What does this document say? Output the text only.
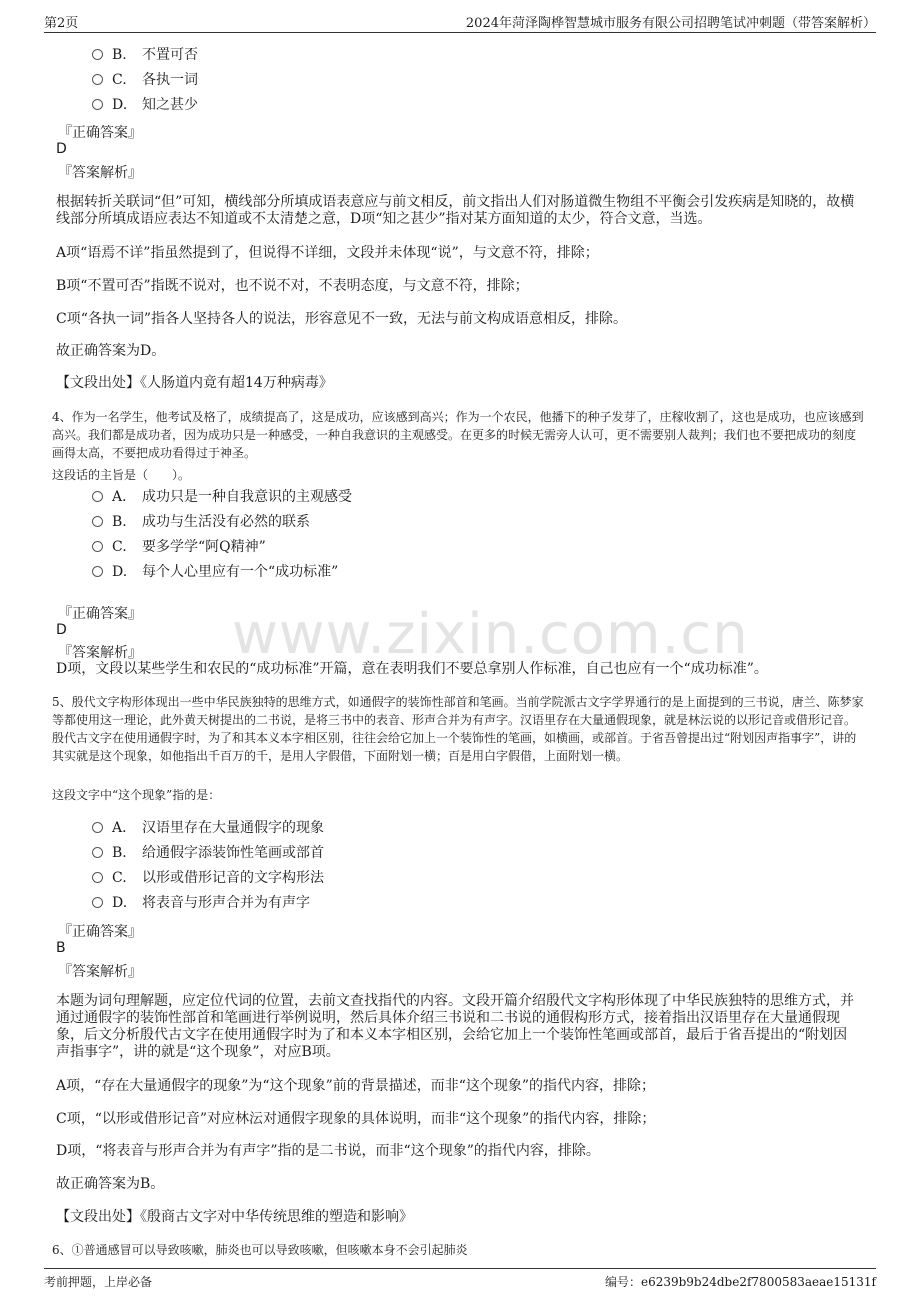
第2页	2024年菏泽陶桦智慧城市服务有限公司招聘笔试冲刺题（带答案解析）
www.zixin.com.cn
B. 不置可否
C. 各执一词
D. 知之甚少
『正确答案』
D
『答案解析』
根据转折关联词“但”可知，横线部分所填成语表意应与前文相反，前文指出人们对肠道微生物组不平衡会引发疾病是知晓的，故横线部分所填成语应表达不知道或不太清楚之意，D项“知之甚少”指对某方面知道的太少，符合文意，当选。
A项“语焉不详”指虽然提到了，但说得不详细，文段并未体现“说”，与文意不符，排除；
B项“不置可否”指既不说对，也不说不对，不表明态度，与文意不符，排除；
C项“各执一词”指各人坚持各人的说法，形容意见不一致，无法与前文构成语意相反，排除。
故正确答案为D。
【文段出处】《人肠道内竟有超14万种病毒》
4、作为一名学生，他考试及格了，成绩提高了，这是成功，应该感到高兴；作为一个农民，他播下的种子发芽了，庄稼收割了，这也是成功，也应该感到高兴。我们都是成功者，因为成功只是一种感受，一种自我意识的主观感受。在更多的时候无需旁人认可，更不需要别人裁判；我们也不要把成功的刻度画得太高，不要把成功看得过于神圣。
这段话的主旨是（　　）。
A． 成功只是一种自我意识的主观感受
B. 成功与生活没有必然的联系
C. 要多学学“阿Q精神”
D. 每个人心里应有一个“成功标准”
『正确答案』
D
『答案解析』
D项，文段以某些学生和农民的“成功标准”开篇，意在表明我们不要总拿别人作标准，自己也应有一个“成功标准”。
5、殷代文字构形体现出一些中华民族独特的思维方式，如通假字的装饰性部首和笔画。当前学院派古文字学界通行的是上面提到的三书说，唐兰、陈梦家等都使用这一理论，此外黄天树提出的二书说，是将三书中的表音、形声合并为有声字。汉语里存在大量通假现象，就是林沄说的以形记音或借形记音。殷代古文字在使用通假字时，为了和其本义本字相区别，往往会给它加上一个装饰性的笔画，如横画，或部首。于省吾曾提出过“附划因声指事字”，讲的其实就是这个现象，如他指出千百万的千，是用人字假借，下面附划一横；百是用白字假借，上面附划一横。
这段文字中“这个现象”指的是：
A． 汉语里存在大量通假字的现象
B. 给通假字添装饰性笔画或部首
C. 以形或借形记音的文字构形法
D. 将表音与形声合并为有声字
『正确答案』
B
『答案解析』
本题为词句理解题，应定位代词的位置，去前文查找指代的内容。文段开篇介绍殷代文字构形体现了中华民族独特的思维方式，并通过通假字的装饰性部首和笔画进行举例说明，然后具体介绍三书说和二书说的通假构形方式，接着指出汉语里存在大量通假现象，后文分析殷代古文字在使用通假字时为了和本义本字相区别，会给它加上一个装饰性笔画或部首，最后于省吾提出的“附划因声指事字”，讲的就是“这个现象”，对应B项。
A项，“存在大量通假字的现象”为“这个现象”前的背景描述，而非“这个现象”的指代内容，排除；
C项，“以形或借形记音”对应林沄对通假字现象的具体说明，而非“这个现象”的指代内容，排除；
D项，“将表音与形声合并为有声字”指的是二书说，而非“这个现象”的指代内容，排除。
故正确答案为B。
【文段出处】《殷商古文字对中华传统思维的塑造和影响》
6、①普通感冒可以导致咳嗽，肺炎也可以导致咳嗽，但咳嗽本身不会引起肺炎
考前押题，上岸必备	编号：e6239b9b24dbe2f7800583aeae15131f
